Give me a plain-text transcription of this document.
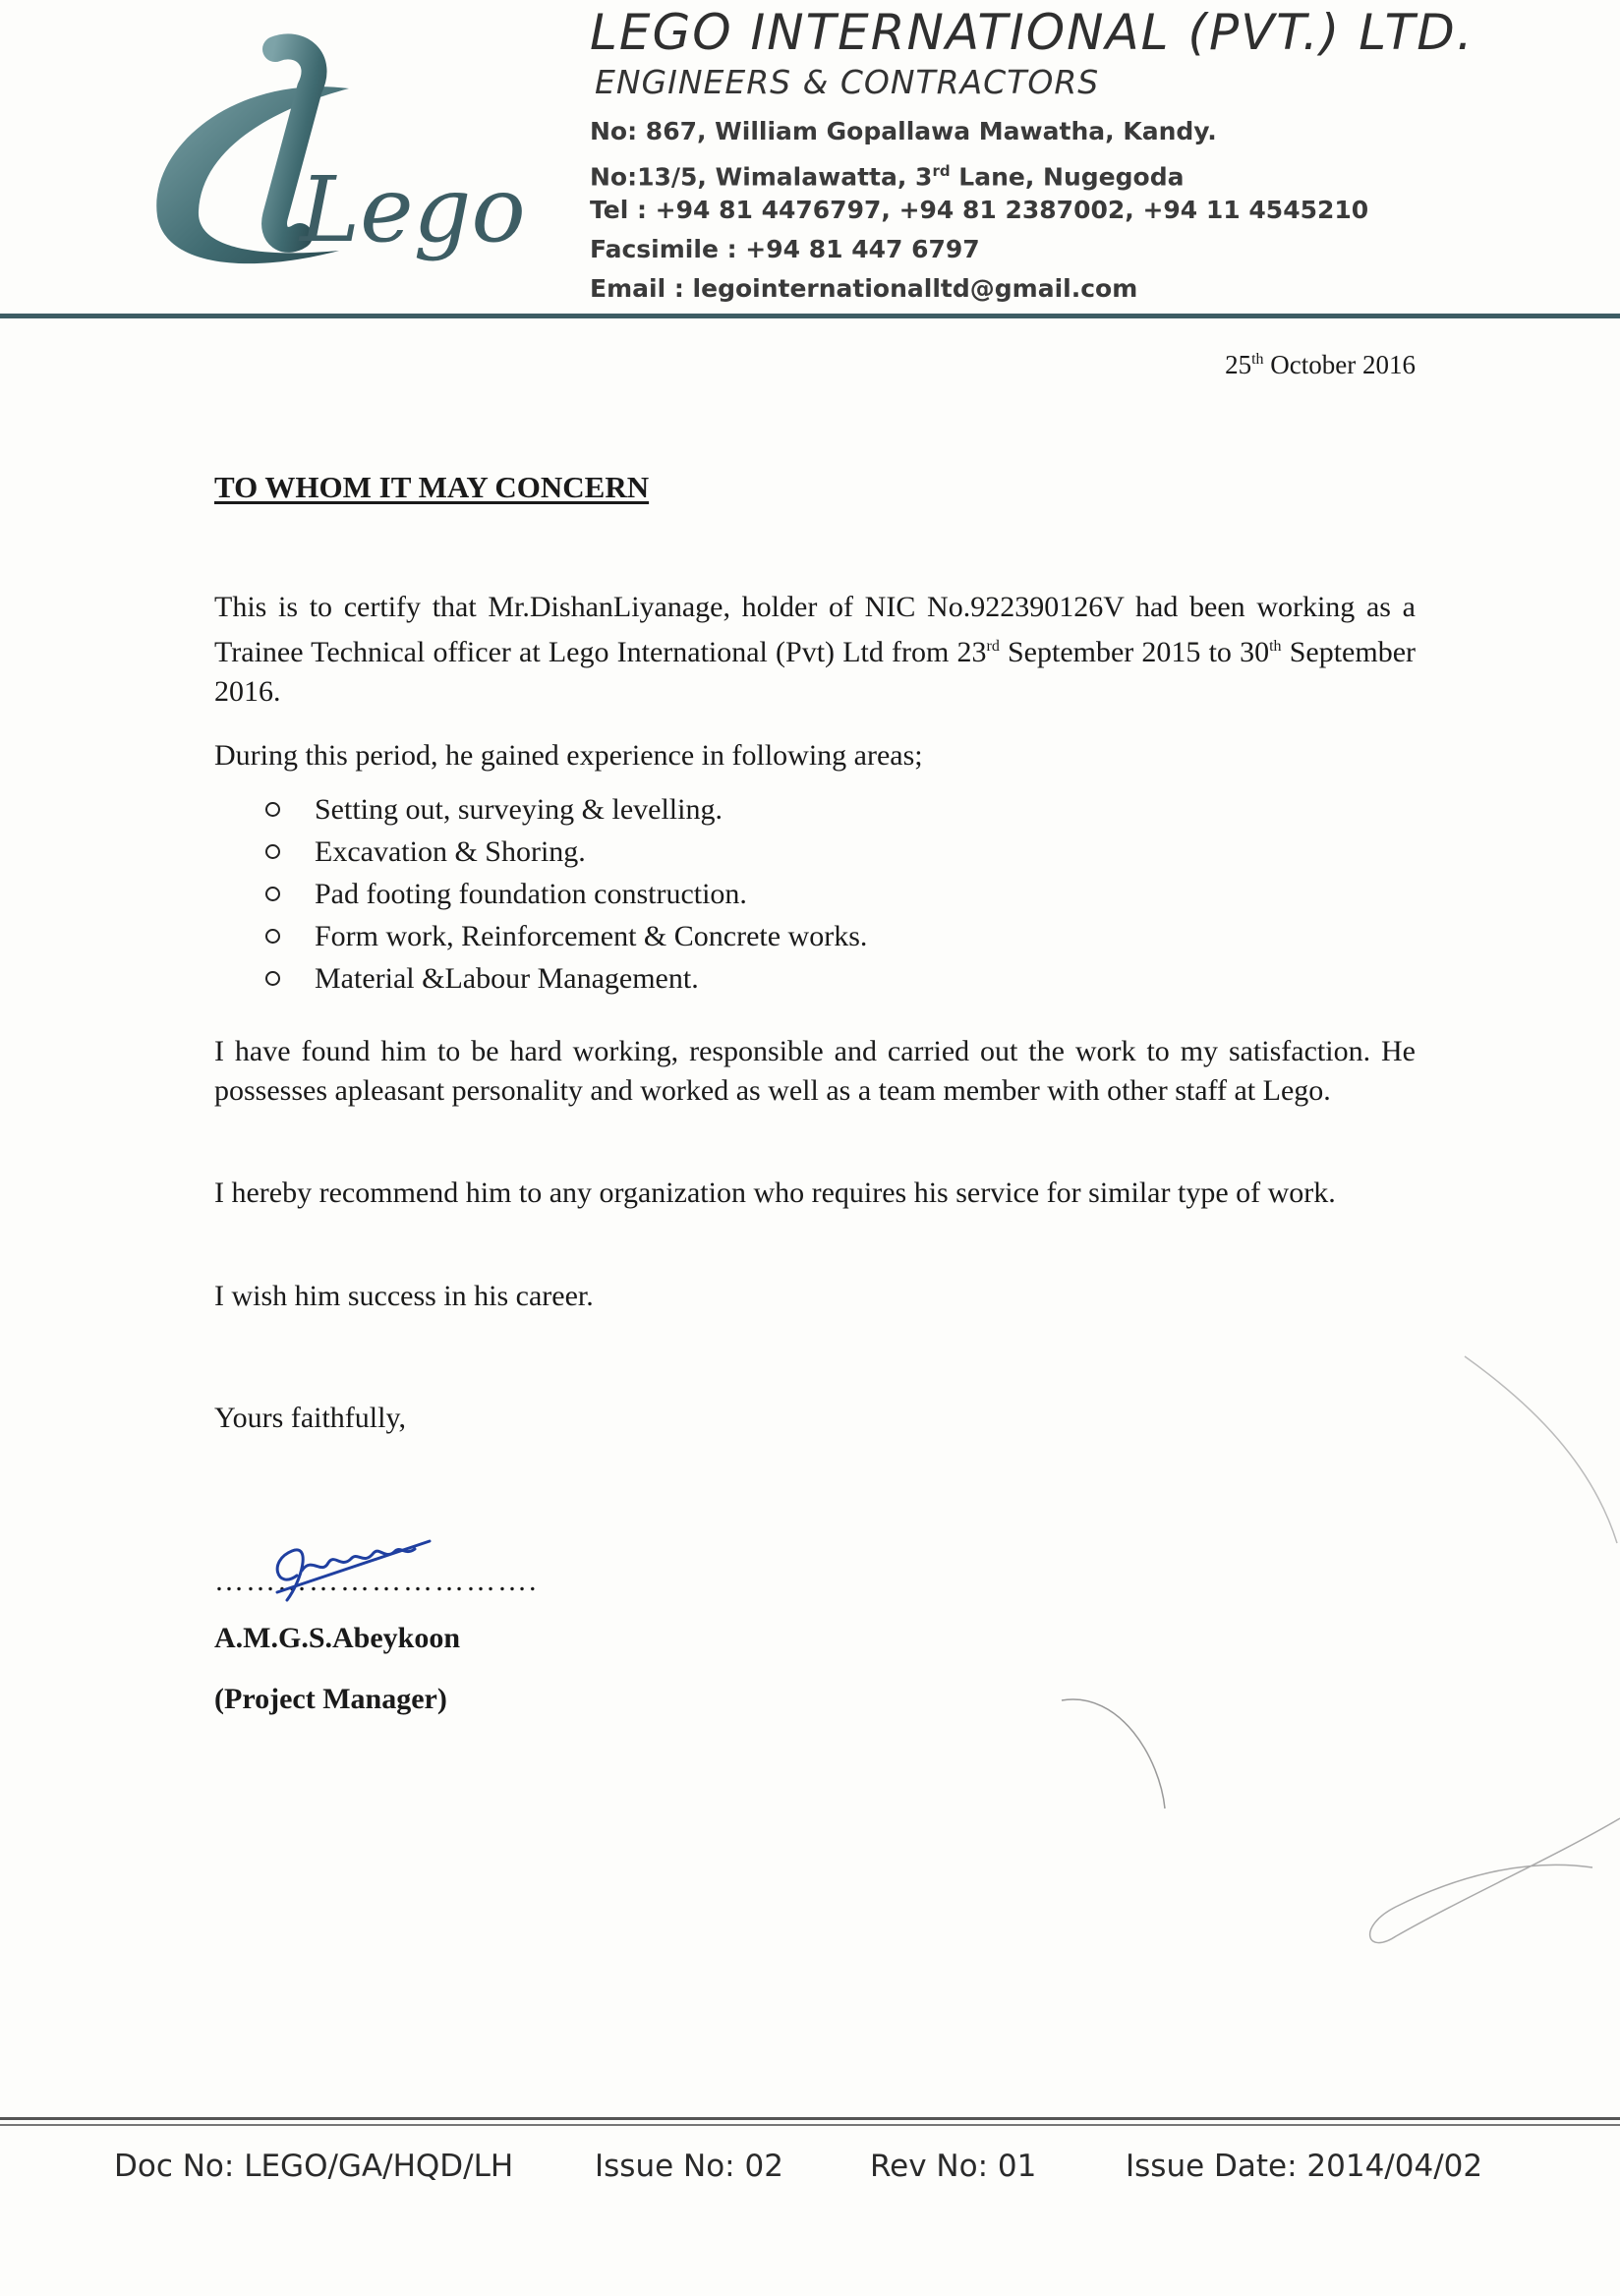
Lego
LEGO INTERNATIONAL (PVT.) LTD.
ENGINEERS & CONTRACTORS
No: 867, William Gopallawa Mawatha, Kandy.
No:13/5, Wimalawatta, 3rd Lane, Nugegoda
Tel : +94 81 4476797, +94 81 2387002, +94 11 4545210
Facsimile : +94 81 447 6797
Email : legointernationalltd@gmail.com
25th October 2016
TO WHOM IT MAY CONCERN
This is to certify that Mr.DishanLiyanage, holder of NIC No.922390126V had been working as a Trainee Technical officer at Lego International (Pvt) Ltd from 23rd September 2015 to 30th September 2016.
During this period, he gained experience in following areas;
Setting out, surveying & levelling.
Excavation & Shoring.
Pad footing foundation construction.
Form work, Reinforcement & Concrete works.
Material &Labour Management.
I have found him to be hard working, responsible and carried out the work to my satisfaction. He possesses apleasant personality and worked as well as a team member with other staff at Lego.
I hereby recommend him to any organization who requires his service for similar type of work.
I wish him success in his career.
Yours faithfully,
………………………….
A.M.G.S.Abeykoon
(Project Manager)
Doc No: LEGO/GA/HQD/LH	Issue No: 02	Rev No: 01	Issue Date: 2014/04/02
